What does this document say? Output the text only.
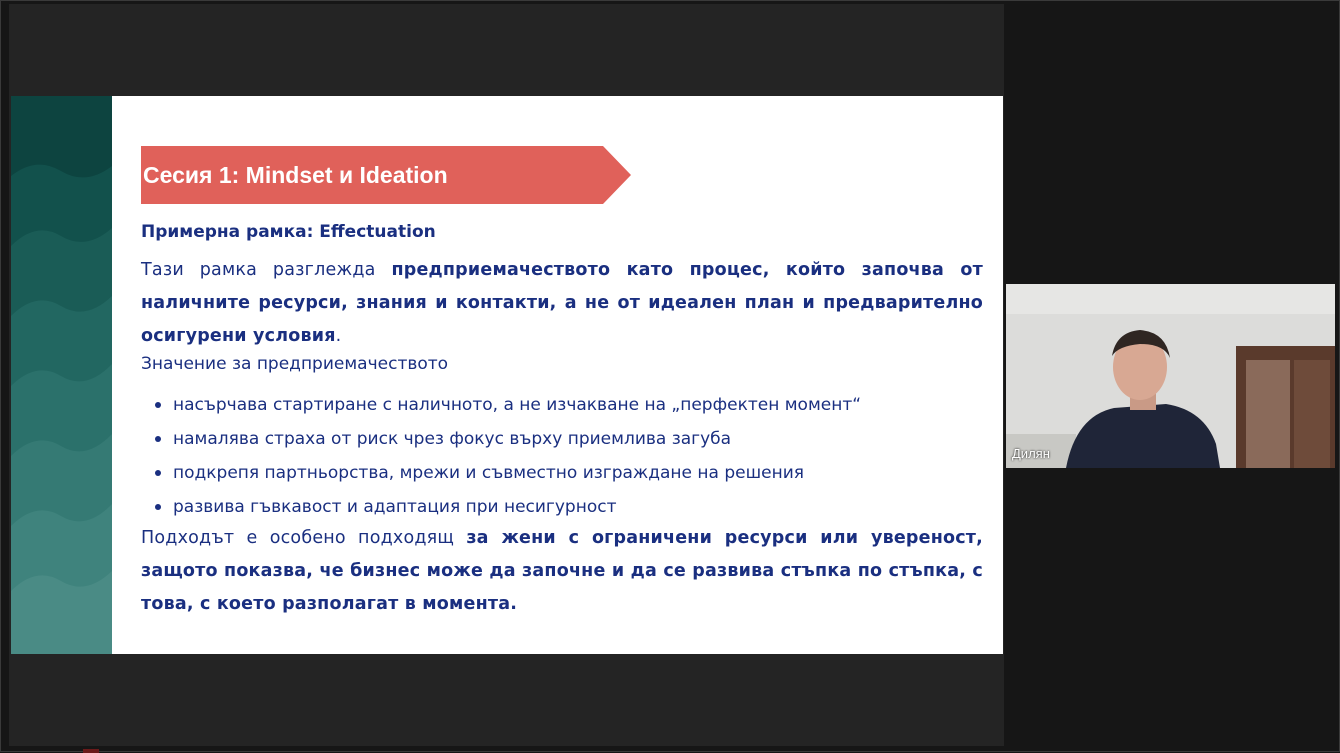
Сесия 1: Mindset и Ideation
Примерна рамка: Effectuation
Тази рамка разглежда предприемачеството като процес, който започва от наличните ресурси, знания и контакти, а не от идеален план и предварително осигурени условия.
Значение за предприемачеството
насърчава стартиране с наличното, а не изчакване на „перфектен момент“
намалява страха от риск чрез фокус върху приемлива загуба
подкрепя партньорства, мрежи и съвместно изграждане на решения
развива гъвкавост и адаптация при несигурност
Подходът е особено подходящ за жени с ограничени ресурси или увереност, защото показва, че бизнес може да започне и да се развива стъпка по стъпка, с това, с което разполагат в момента.
Дилян
